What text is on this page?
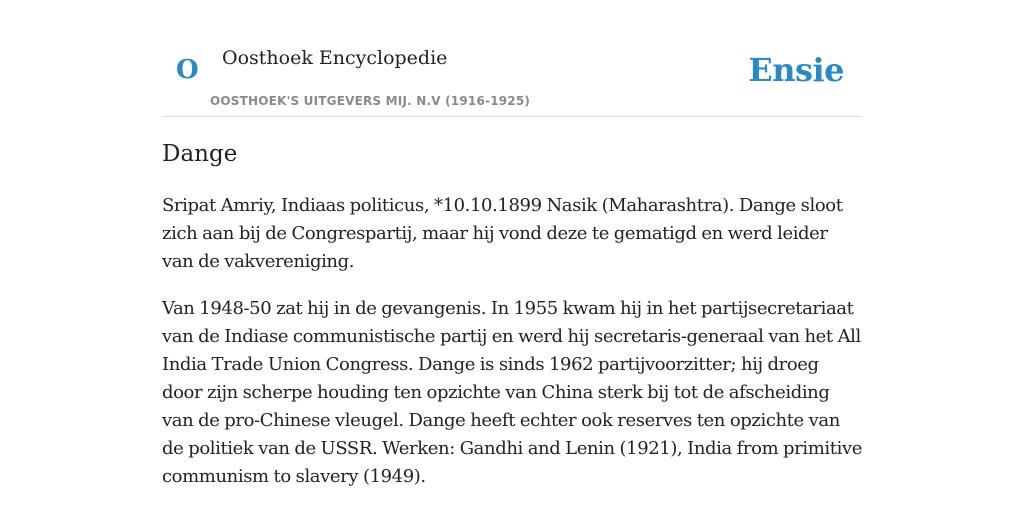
O Oosthoek Encyclopedie
OOSTHOEK'S UITGEVERS MIJ. N.V (1916-1925)
Ensie
Dange

Sripat Amriy, Indiaas politicus, *10.10.1899 Nasik (Maharashtra). Dange sloot zich aan bij de Congrespartij, maar hij vond deze te gematigd en werd leider van de vakvereniging.

Van 1948-50 zat hij in de gevangenis. In 1955 kwam hij in het partijsecretariaat van de Indiase communistische partij en werd hij secretaris-generaal van het All India Trade Union Congress. Dange is sinds 1962 partijvoorzitter; hij droeg door zijn scherpe houding ten opzichte van China sterk bij tot de afscheiding van de pro-Chinese vleugel. Dange heeft echter ook reserves ten opzichte van de politiek van de USSR. Werken: Gandhi and Lenin (1921), India from primitive communism to slavery (1949).
